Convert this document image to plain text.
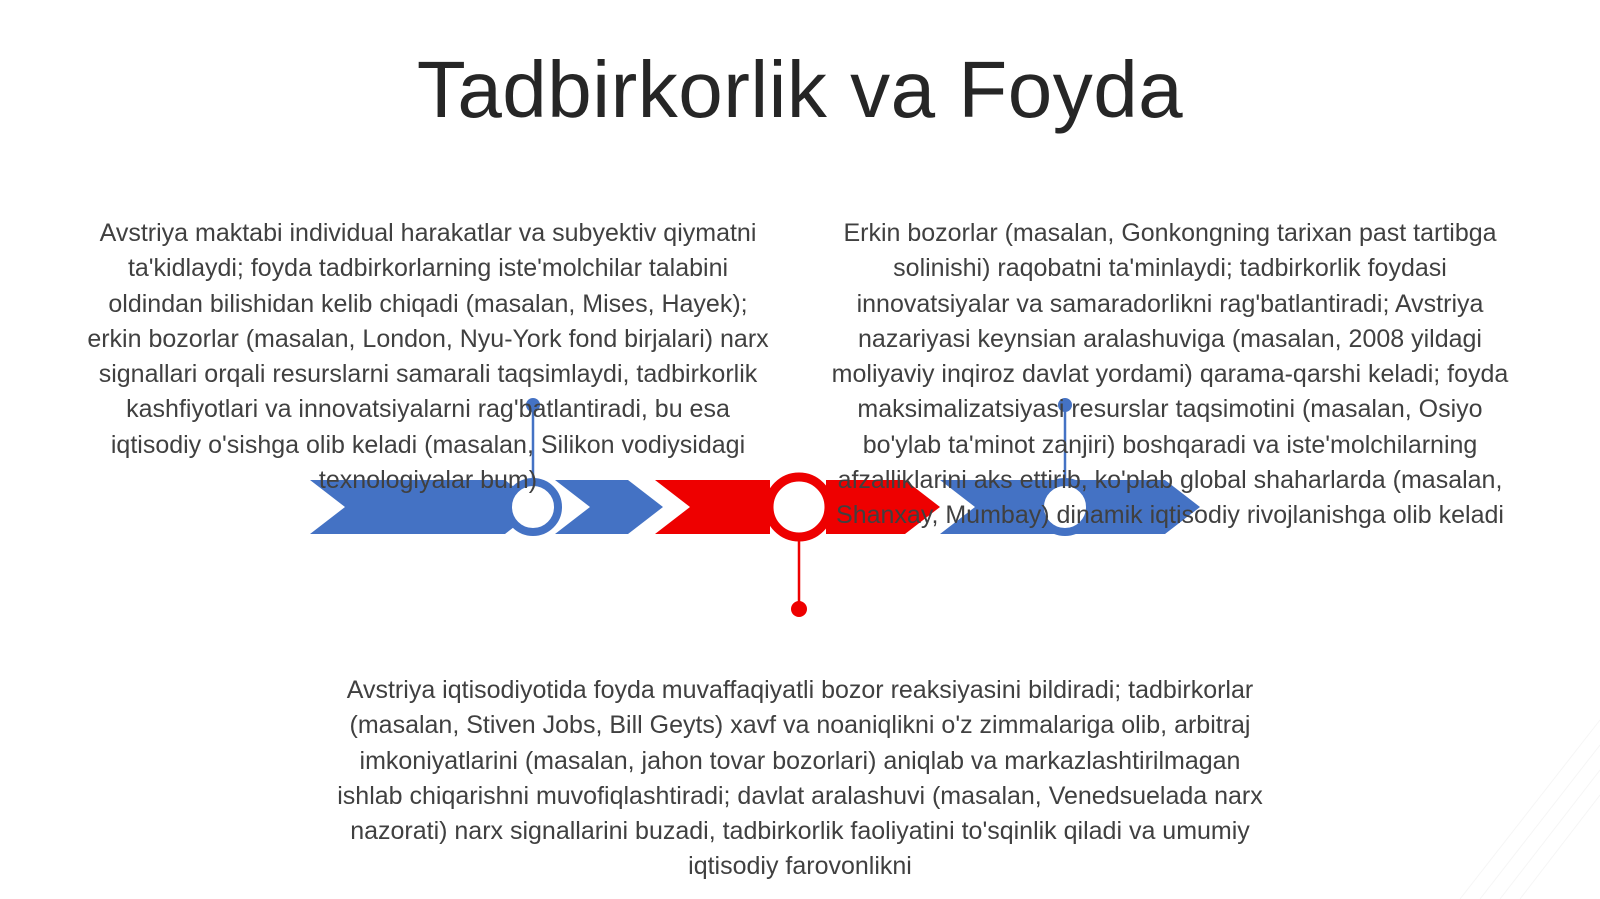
Tadbirkorlik va Foyda

Avstriya maktabi individual harakatlar va subyektiv qiymatni ta'kidlaydi; foyda tadbirkorlarning iste'molchilar talabini oldindan bilishidan kelib chiqadi (masalan, Mises, Hayek); erkin bozorlar (masalan, London, Nyu-York fond birjalari) narx signallari orqali resurslarni samarali taqsimlaydi, tadbirkorlik kashfiyotlari va innovatsiyalarni rag'batlantiradi, bu esa iqtisodiy o'sishga olib keladi (masalan, Silikon vodiysidagi texnologiyalar bum)

Erkin bozorlar (masalan, Gonkongning tarixan past tartibga solinishi) raqobatni ta'minlaydi; tadbirkorlik foydasi innovatsiyalar va samaradorlikni rag'batlantiradi; Avstriya nazariyasi keynsian aralashuviga (masalan, 2008 yildagi moliyaviy inqiroz davlat yordami) qarama-qarshi keladi; foyda maksimalizatsiyasi resurslar taqsimotini (masalan, Osiyo bo'ylab ta'minot zanjiri) boshqaradi va iste'molchilarning afzalliklarini aks ettirib, ko'plab global shaharlarda (masalan, Shanxay, Mumbay) dinamik iqtisodiy rivojlanishga olib keladi

Avstriya iqtisodiyotida foyda muvaffaqiyatli bozor reaksiyasini bildiradi; tadbirkorlar (masalan, Stiven Jobs, Bill Geyts) xavf va noaniqlikni o'z zimmalariga olib, arbitraj imkoniyatlarini (masalan, jahon tovar bozorlari) aniqlab va markazlashtirilmagan ishlab chiqarishni muvofiqlashtiradi; davlat aralashuvi (masalan, Venedsuelada narx nazorati) narx signallarini buzadi, tadbirkorlik faoliyatini to'sqinlik qiladi va umumiy iqtisodiy farovonlikni
